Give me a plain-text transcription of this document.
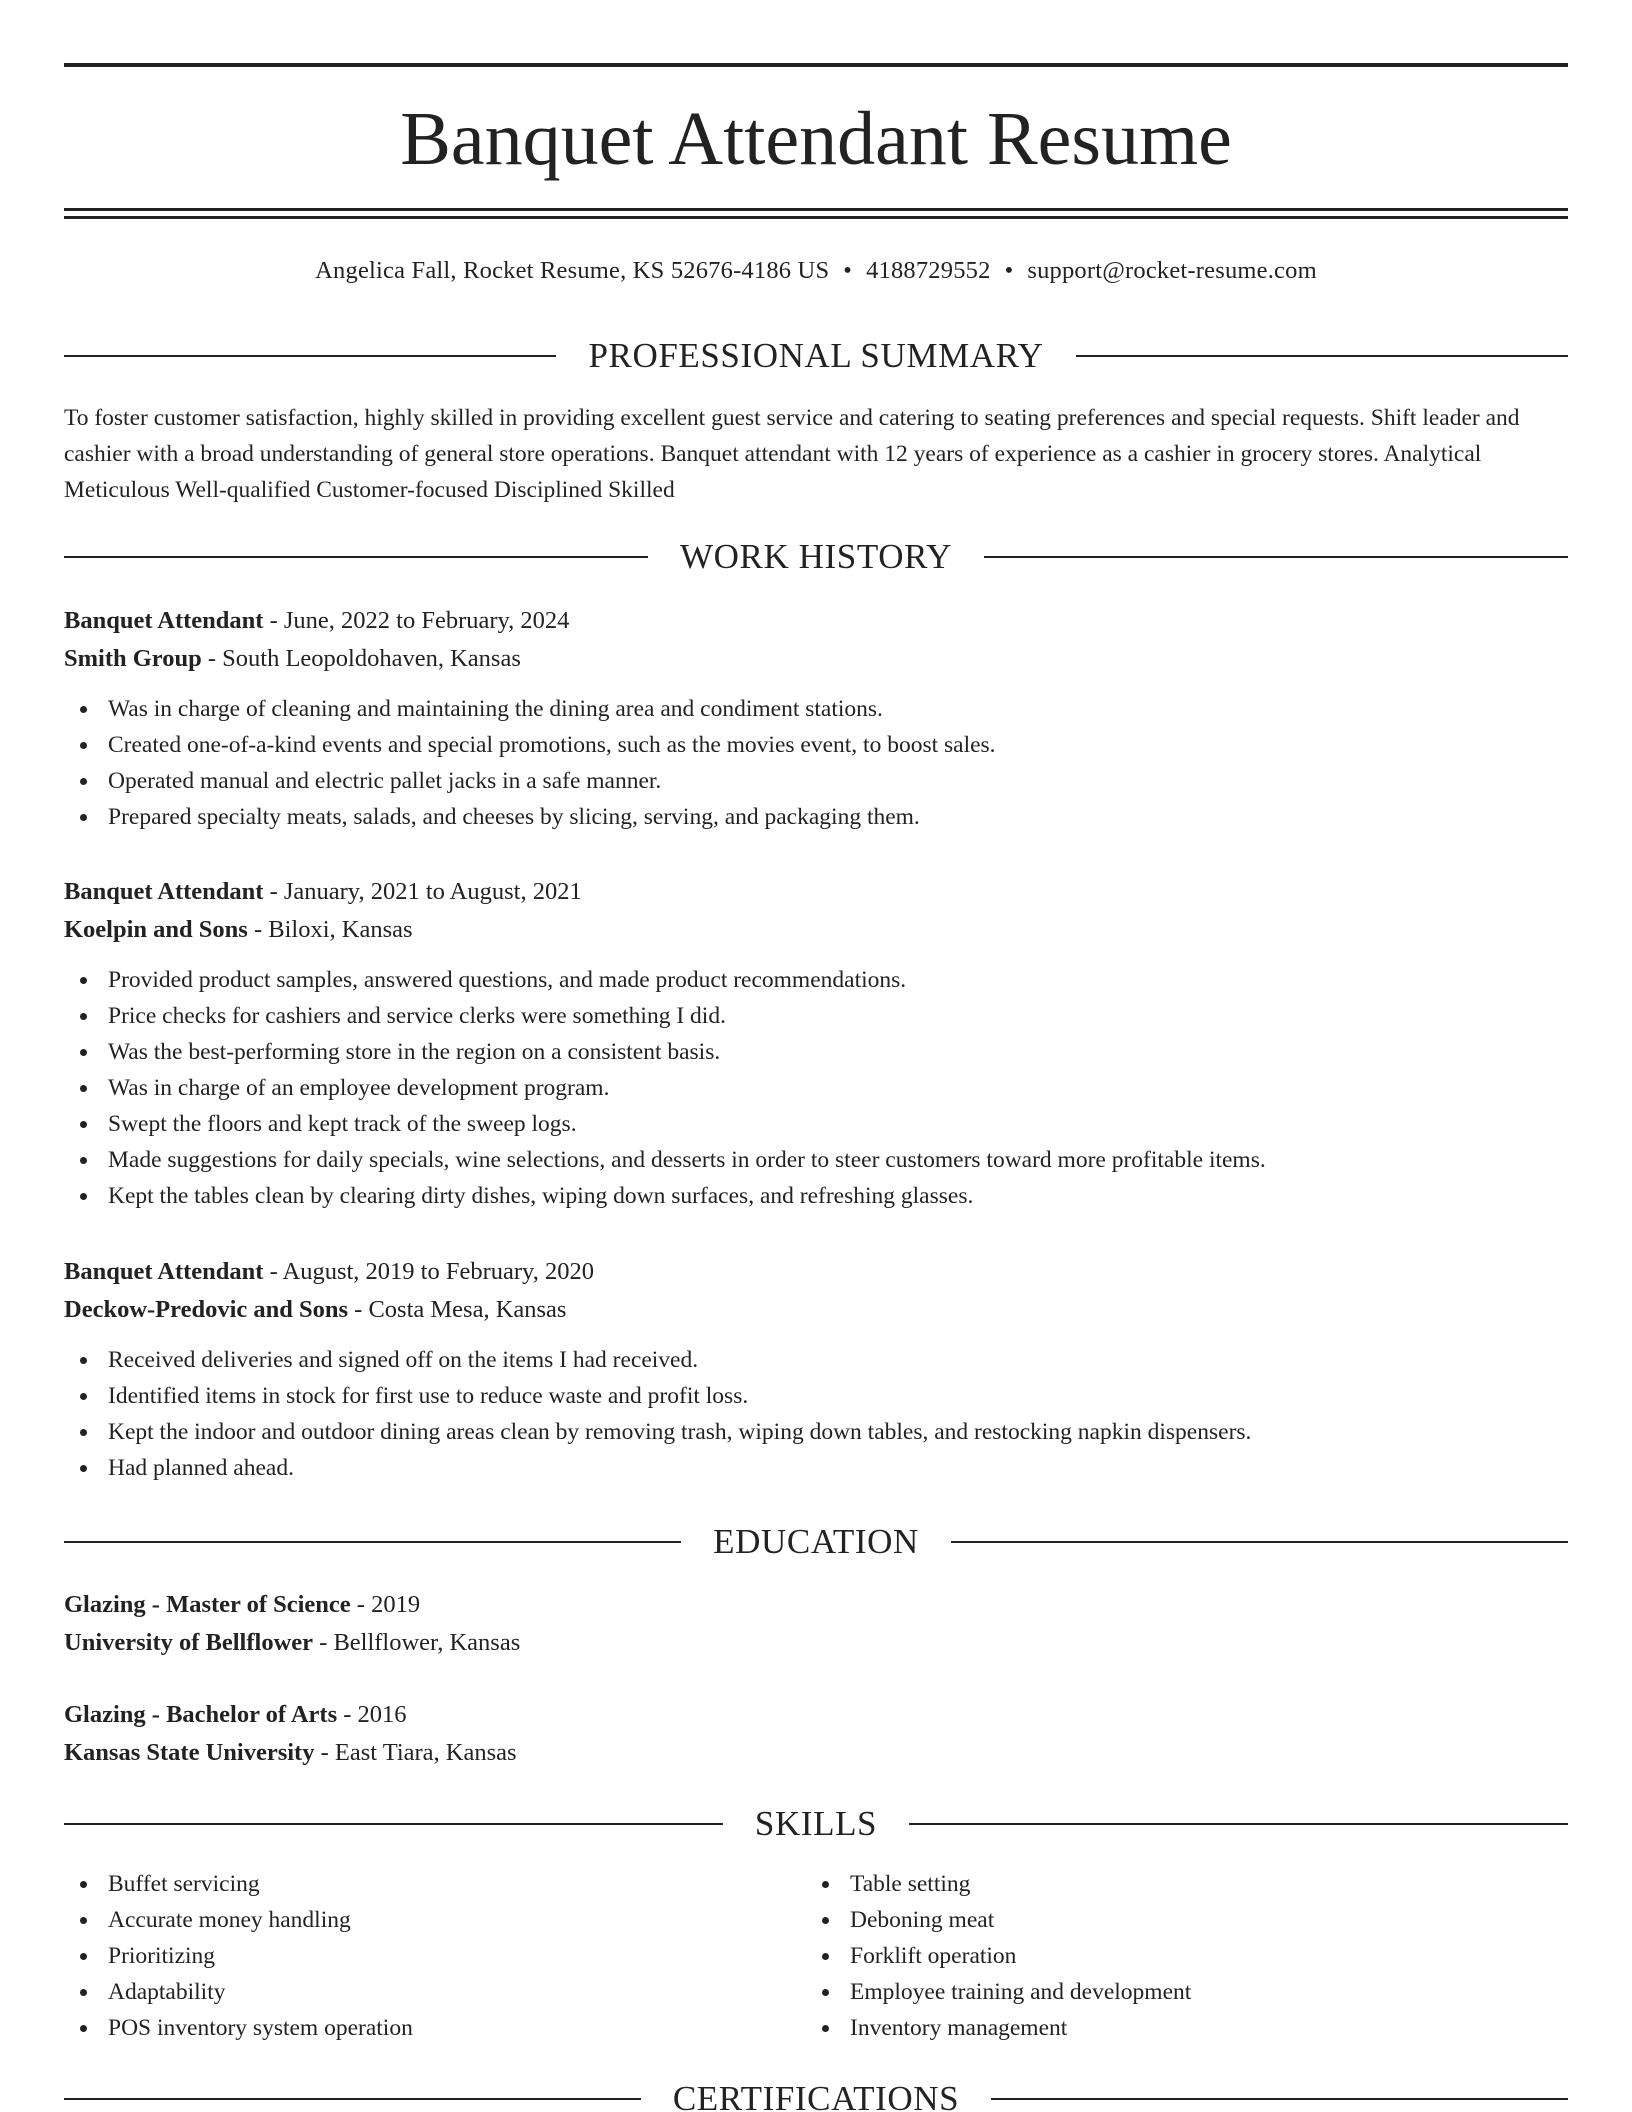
Banquet Attendant Resume
Angelica Fall, Rocket Resume, KS 52676-4186 US • 4188729552 • support@rocket-resume.com
PROFESSIONAL SUMMARY

To foster customer satisfaction, highly skilled in providing excellent guest service and catering to seating preferences and special requests. Shift leader and cashier with a broad understanding of general store operations. Banquet attendant with 12 years of experience as a cashier in grocery stores. Analytical Meticulous Well-qualified Customer-focused Disciplined Skilled

WORK HISTORY
Banquet Attendant - June, 2022 to February, 2024
Smith Group - South Leopoldohaven, Kansas
Was in charge of cleaning and maintaining the dining area and condiment stations.
Created one-of-a-kind events and special promotions, such as the movies event, to boost sales.
Operated manual and electric pallet jacks in a safe manner.
Prepared specialty meats, salads, and cheeses by slicing, serving, and packaging them.
Banquet Attendant - January, 2021 to August, 2021
Koelpin and Sons - Biloxi, Kansas
Provided product samples, answered questions, and made product recommendations.
Price checks for cashiers and service clerks were something I did.
Was the best-performing store in the region on a consistent basis.
Was in charge of an employee development program.
Swept the floors and kept track of the sweep logs.
Made suggestions for daily specials, wine selections, and desserts in order to steer customers toward more profitable items.
Kept the tables clean by clearing dirty dishes, wiping down surfaces, and refreshing glasses.
Banquet Attendant - August, 2019 to February, 2020
Deckow-Predovic and Sons - Costa Mesa, Kansas
Received deliveries and signed off on the items I had received.
Identified items in stock for first use to reduce waste and profit loss.
Kept the indoor and outdoor dining areas clean by removing trash, wiping down tables, and restocking napkin dispensers.
Had planned ahead.
EDUCATION
Glazing - Master of Science - 2019
University of Bellflower - Bellflower, Kansas
Glazing - Bachelor of Arts - 2016
Kansas State University - East Tiara, Kansas
SKILLS
Buffet servicing
Accurate money handling
Prioritizing
Adaptability
POS inventory system operation
Table setting
Deboning meat
Forklift operation
Employee training and development
Inventory management
CERTIFICATIONS
